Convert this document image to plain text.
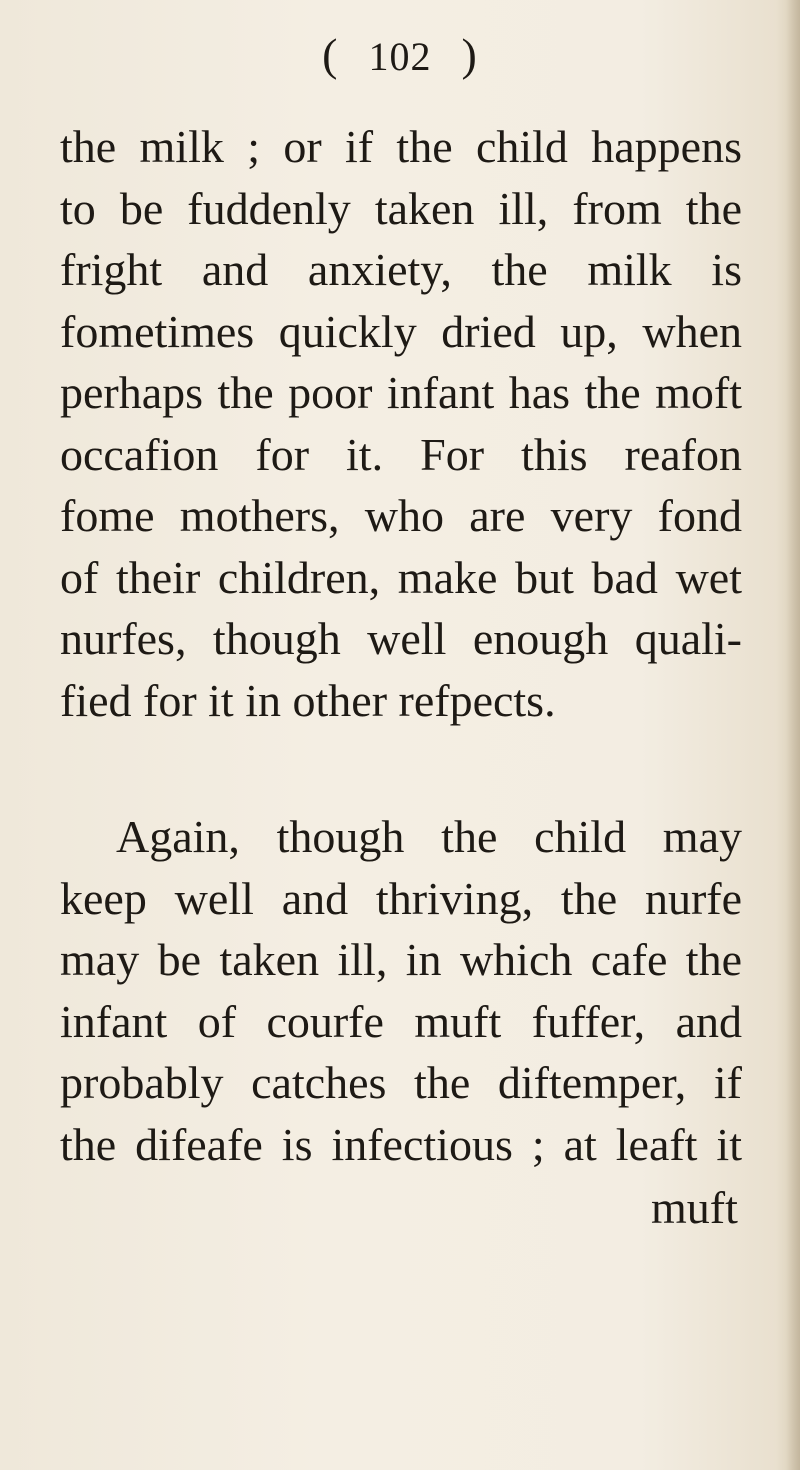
( 102 )
the milk ; or if the child happens
to be fuddenly taken ill, from the
fright and anxiety, the milk is
fometimes quickly dried up, when
perhaps the poor infant has the moft
occafion for it. For this reafon
fome mothers, who are very fond
of their children, make but bad wet
nurfes, though well enough quali-
fied for it in other refpects.
Again, though the child may
keep well and thriving, the nurfe
may be taken ill, in which cafe the
infant of courfe muft fuffer, and
probably catches the diftemper, if
the difeafe is infectious ; at leaft it
muft
